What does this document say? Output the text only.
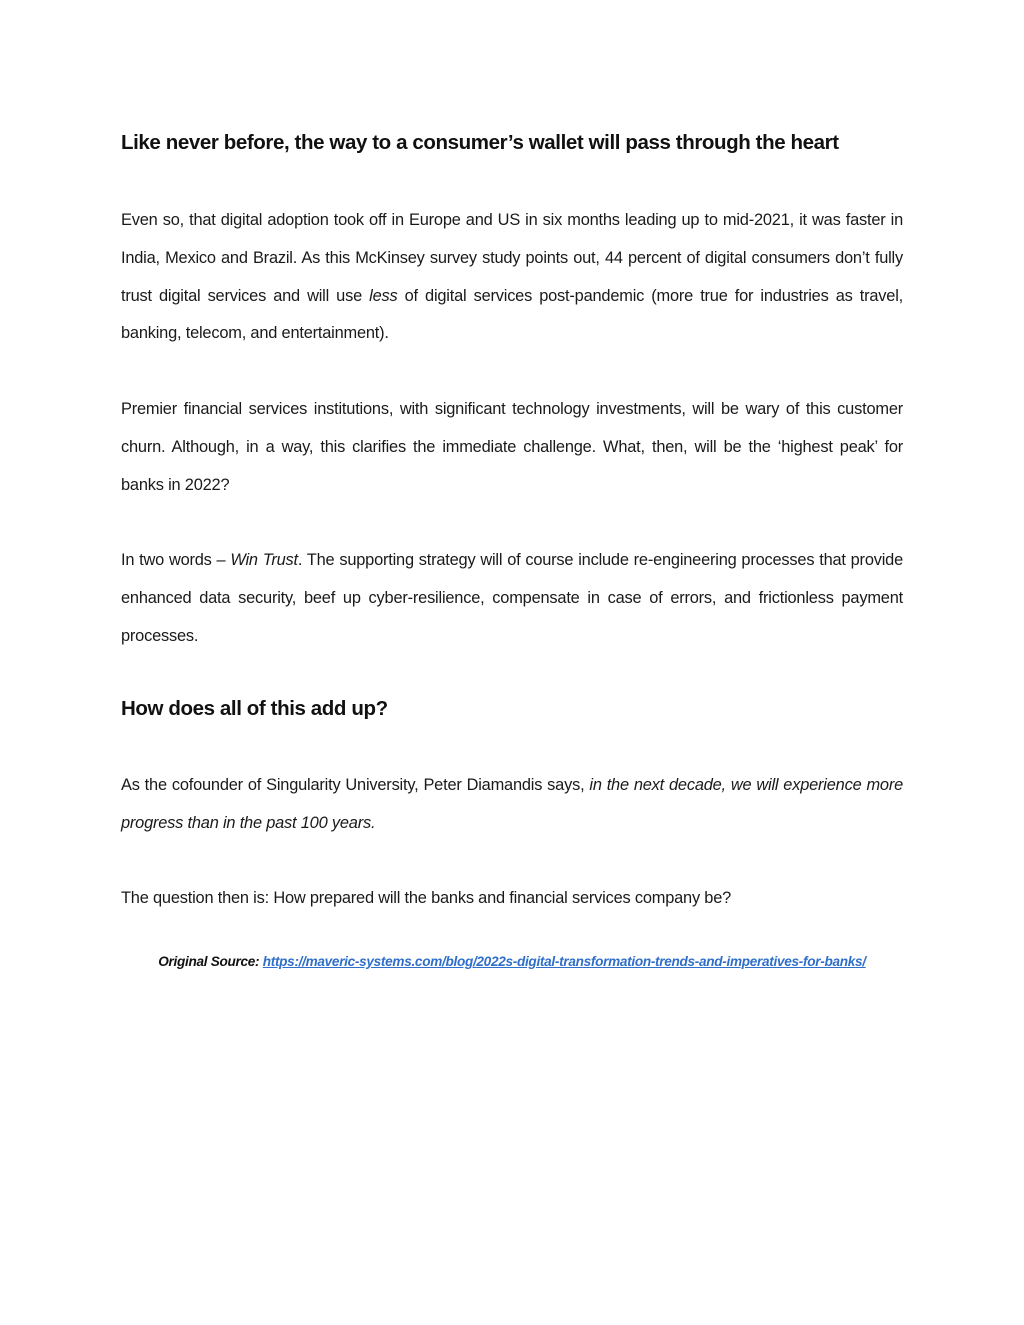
Like never before, the way to a consumer’s wallet will pass through the heart

Even so, that digital adoption took off in Europe and US in six months leading up to mid-2021, it was faster in India, Mexico and Brazil. As this McKinsey survey study points out, 44 percent of digital consumers don’t fully trust digital services and will use less of digital services post-pandemic (more true for industries as travel, banking, telecom, and entertainment).

Premier financial services institutions, with significant technology investments, will be wary of this customer churn. Although, in a way, this clarifies the immediate challenge. What, then, will be the ‘highest peak’ for banks in 2022?

In two words – Win Trust. The supporting strategy will of course include re-engineering processes that provide enhanced data security, beef up cyber-resilience, compensate in case of errors, and frictionless payment processes.

How does all of this add up?

As the cofounder of Singularity University, Peter Diamandis says, in the next decade, we will experience more progress than in the past 100 years.

The question then is: How prepared will the banks and financial services company be?

Original Source: https://maveric-systems.com/blog/2022s-digital-transformation-trends-and-imperatives-for-banks/
